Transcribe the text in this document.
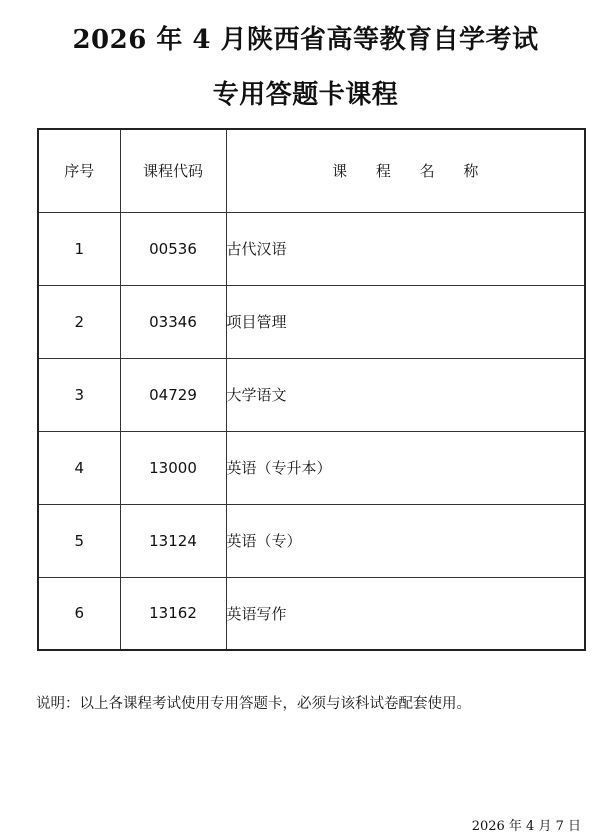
2026 年 4 月陕西省高等教育自学考试
专用答题卡课程
序号	课程代码	课 程 名 称
1	00536	古代汉语
2	03346	项目管理
3	04729	大学语文
4	13000	英语（专升本）
5	13124	英语（专）
6	13162	英语写作
说明：以上各课程考试使用专用答题卡，必须与该科试卷配套使用。
2026 年 4 月 7 日
